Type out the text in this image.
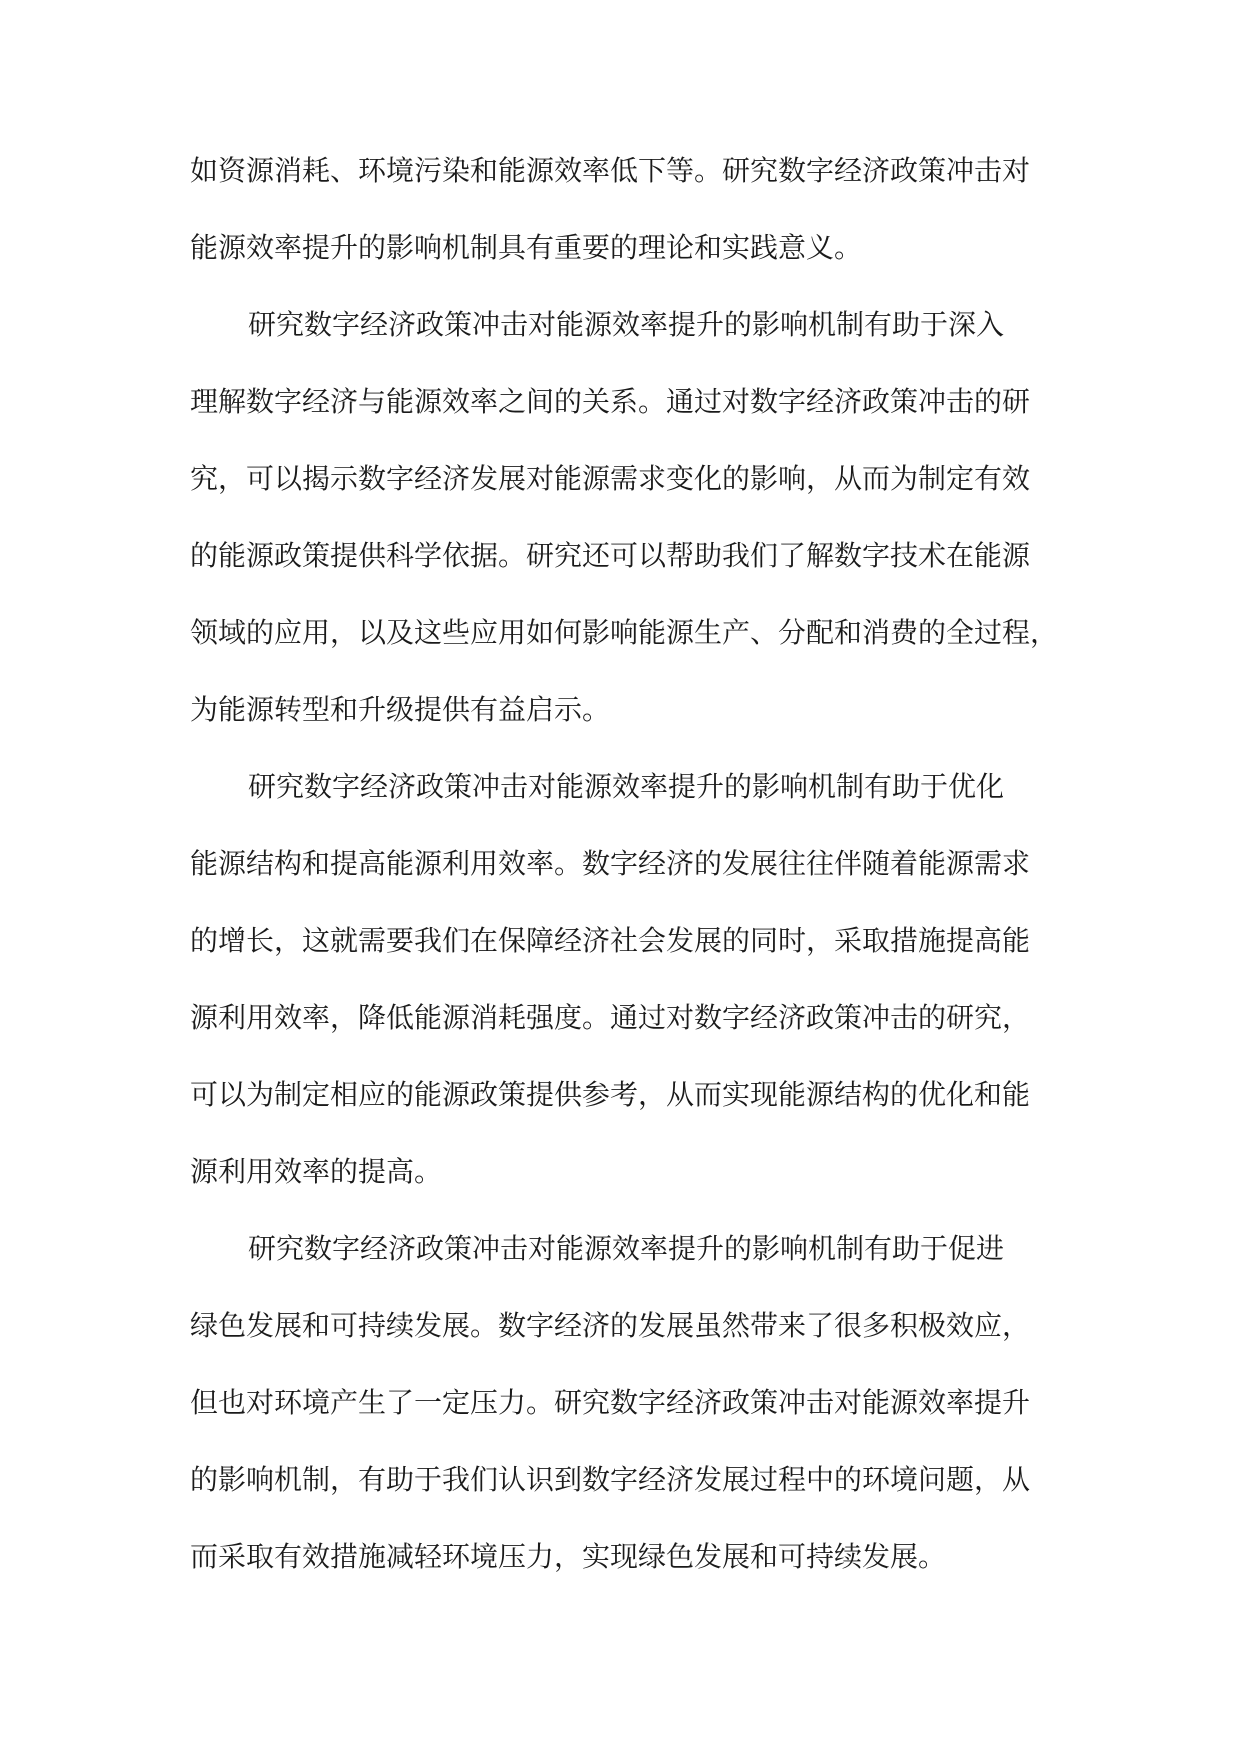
如资源消耗、环境污染和能源效率低下等。研究数字经济政策冲击对
能源效率提升的影响机制具有重要的理论和实践意义。
研究数字经济政策冲击对能源效率提升的影响机制有助于深入
理解数字经济与能源效率之间的关系。通过对数字经济政策冲击的研
究，可以揭示数字经济发展对能源需求变化的影响，从而为制定有效
的能源政策提供科学依据。研究还可以帮助我们了解数字技术在能源
领域的应用，以及这些应用如何影响能源生产、分配和消费的全过程，
为能源转型和升级提供有益启示。
研究数字经济政策冲击对能源效率提升的影响机制有助于优化
能源结构和提高能源利用效率。数字经济的发展往往伴随着能源需求
的增长，这就需要我们在保障经济社会发展的同时，采取措施提高能
源利用效率，降低能源消耗强度。通过对数字经济政策冲击的研究，
可以为制定相应的能源政策提供参考，从而实现能源结构的优化和能
源利用效率的提高。
研究数字经济政策冲击对能源效率提升的影响机制有助于促进
绿色发展和可持续发展。数字经济的发展虽然带来了很多积极效应，
但也对环境产生了一定压力。研究数字经济政策冲击对能源效率提升
的影响机制，有助于我们认识到数字经济发展过程中的环境问题，从
而采取有效措施减轻环境压力，实现绿色发展和可持续发展。
